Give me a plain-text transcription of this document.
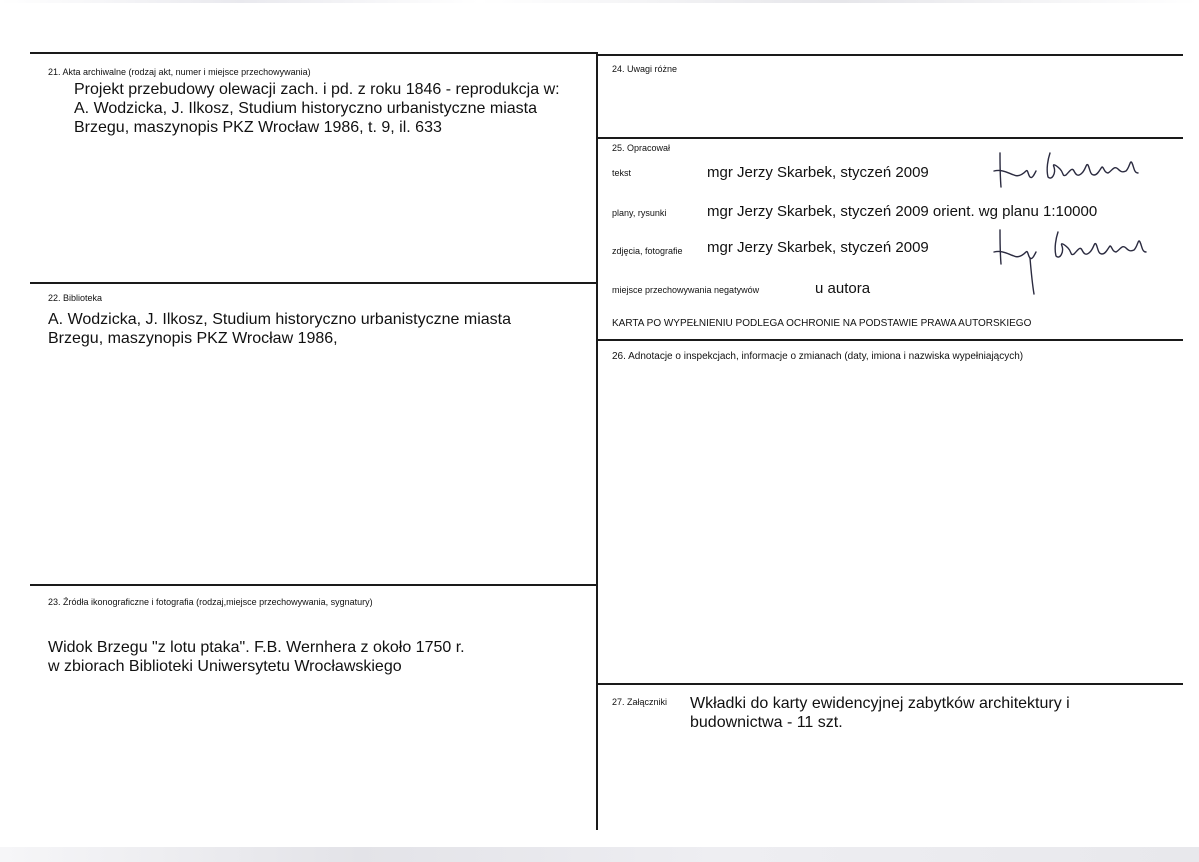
21. Akta archiwalne (rodzaj akt, numer i miejsce przechowywania)
Projekt przebudowy olewacji zach. i pd. z roku 1846 - reprodukcja w:
A. Wodzicka, J. Ilkosz, Studium historyczno urbanistyczne miasta
Brzegu, maszynopis PKZ Wrocław 1986, t. 9, il. 633
22. Biblioteka
A. Wodzicka, J. Ilkosz, Studium historyczno urbanistyczne miasta
Brzegu, maszynopis PKZ Wrocław 1986,
23. Źródła ikonograficzne i fotografia (rodzaj,miejsce przechowywania, sygnatury)
Widok Brzegu "z lotu ptaka". F.B. Wernhera z około 1750 r.
w zbiorach Biblioteki Uniwersytetu Wrocławskiego
24. Uwagi różne
25. Opracował
tekst	mgr Jerzy Skarbek, styczeń 2009
plany, rysunki	mgr Jerzy Skarbek, styczeń 2009 orient. wg planu 1:10000
zdjęcia, fotografie mgr Jerzy Skarbek, styczeń 2009
miejsce przechowywania negatywów	u autora
KARTA PO WYPEŁNIENIU PODLEGA OCHRONIE NA PODSTAWIE PRAWA AUTORSKIEGO
26. Adnotacje o inspekcjach, informacje o zmianach (daty, imiona i nazwiska wypełniających)
27. Załączniki Wkładki do karty ewidencyjnej zabytków architektury i
budownictwa - 11 szt.
